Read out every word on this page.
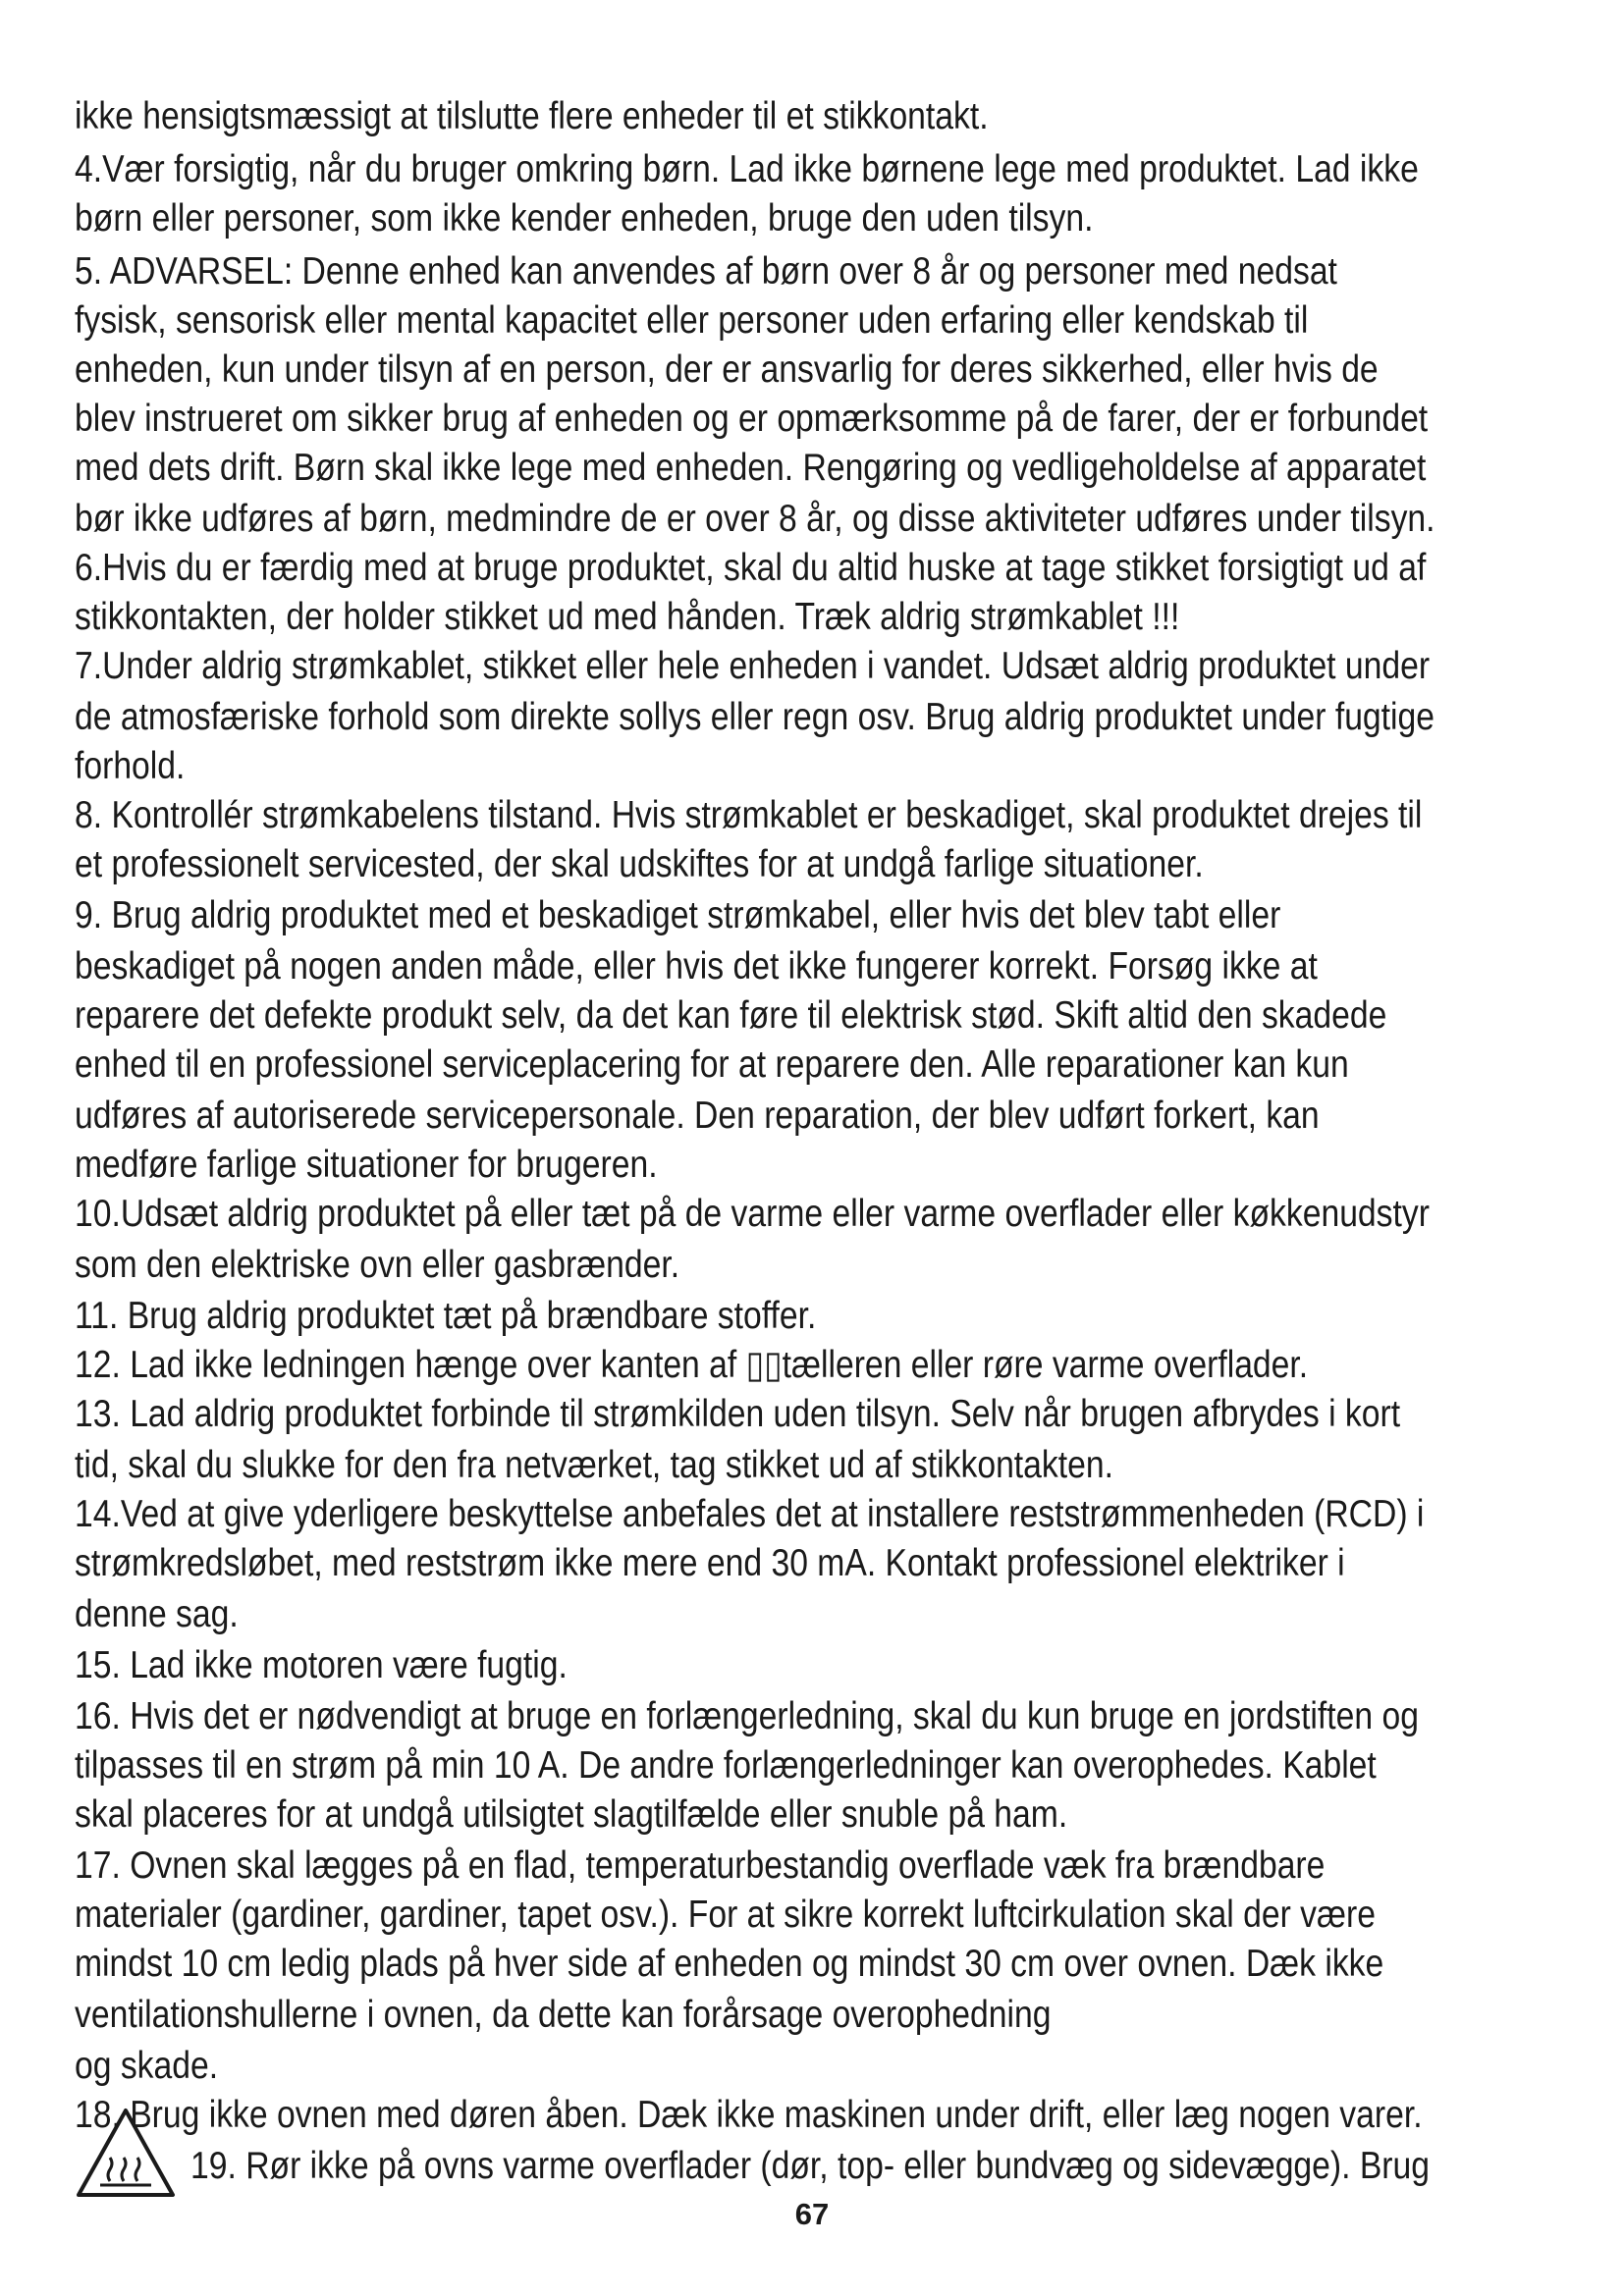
ikke hensigtsmæssigt at tilslutte flere enheder til et stikkontakt.
4.Vær forsigtig, når du bruger omkring børn. Lad ikke børnene lege med produktet. Lad ikke
børn eller personer, som ikke kender enheden, bruge den uden tilsyn.
5. ADVARSEL: Denne enhed kan anvendes af børn over 8 år og personer med nedsat
fysisk, sensorisk eller mental kapacitet eller personer uden erfaring eller kendskab til
enheden, kun under tilsyn af en person, der er ansvarlig for deres sikkerhed, eller hvis de
blev instrueret om sikker brug af enheden og er opmærksomme på de farer, der er forbundet
med dets drift. Børn skal ikke lege med enheden. Rengøring og vedligeholdelse af apparatet
bør ikke udføres af børn, medmindre de er over 8 år, og disse aktiviteter udføres under tilsyn.
6.Hvis du er færdig med at bruge produktet, skal du altid huske at tage stikket forsigtigt ud af
stikkontakten, der holder stikket ud med hånden. Træk aldrig strømkablet !!!
7.Under aldrig strømkablet, stikket eller hele enheden i vandet. Udsæt aldrig produktet under
de atmosfæriske forhold som direkte sollys eller regn osv. Brug aldrig produktet under fugtige
forhold.
8. Kontrollér strømkabelens tilstand. Hvis strømkablet er beskadiget, skal produktet drejes til
et professionelt servicested, der skal udskiftes for at undgå farlige situationer.
9. Brug aldrig produktet med et beskadiget strømkabel, eller hvis det blev tabt eller
beskadiget på nogen anden måde, eller hvis det ikke fungerer korrekt. Forsøg ikke at
reparere det defekte produkt selv, da det kan føre til elektrisk stød. Skift altid den skadede
enhed til en professionel serviceplacering for at reparere den. Alle reparationer kan kun
udføres af autoriserede servicepersonale. Den reparation, der blev udført forkert, kan
medføre farlige situationer for brugeren.
10.Udsæt aldrig produktet på eller tæt på de varme eller varme overflader eller køkkenudstyr
som den elektriske ovn eller gasbrænder.
11. Brug aldrig produktet tæt på brændbare stoffer.
12. Lad ikke ledningen hænge over kanten af ▯▯tælleren eller røre varme overflader.
13. Lad aldrig produktet forbinde til strømkilden uden tilsyn. Selv når brugen afbrydes i kort
tid, skal du slukke for den fra netværket, tag stikket ud af stikkontakten.
14.Ved at give yderligere beskyttelse anbefales det at installere reststrømmenheden (RCD) i
strømkredsløbet, med reststrøm ikke mere end 30 mA. Kontakt professionel elektriker i
denne sag.
15. Lad ikke motoren være fugtig.
16. Hvis det er nødvendigt at bruge en forlængerledning, skal du kun bruge en jordstiften og
tilpasses til en strøm på min 10 A. De andre forlængerledninger kan overophedes. Kablet
skal placeres for at undgå utilsigtet slagtilfælde eller snuble på ham.
17. Ovnen skal lægges på en flad, temperaturbestandig overflade væk fra brændbare
materialer (gardiner, gardiner, tapet osv.). For at sikre korrekt luftcirkulation skal der være
mindst 10 cm ledig plads på hver side af enheden og mindst 30 cm over ovnen. Dæk ikke
ventilationshullerne i ovnen, da dette kan forårsage overophedning
og skade.
18. Brug ikke ovnen med døren åben. Dæk ikke maskinen under drift, eller læg nogen varer.
19. Rør ikke på ovns varme overflader (dør, top- eller bundvæg og sidevægge). Brug
67
